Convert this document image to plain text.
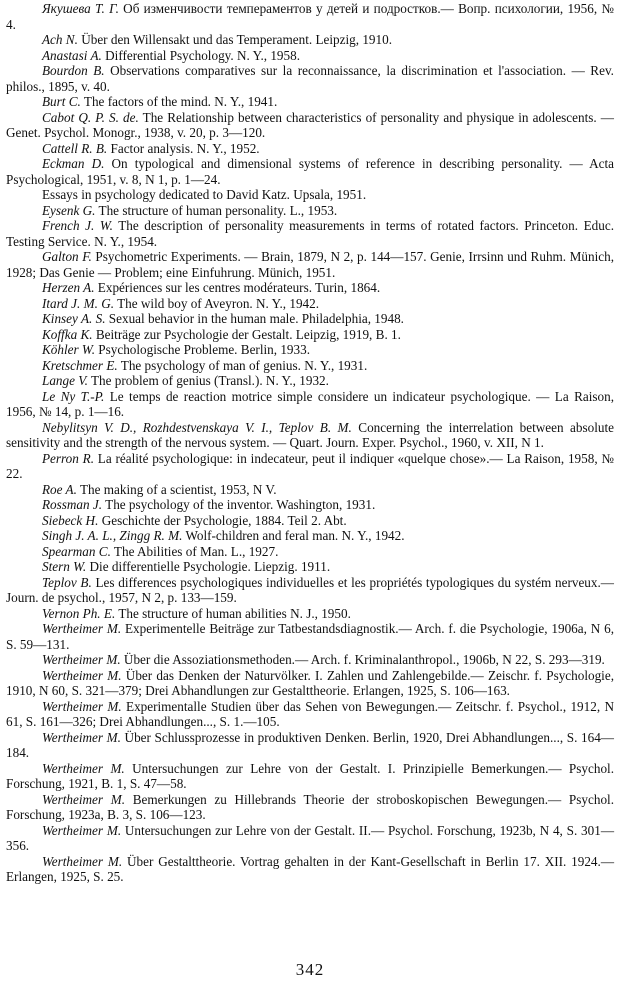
Якушева Т. Г. Об изменчивости темпераментов у детей и подростков.— Вопр. психологии, 1956, № 4.

Ach N. Über den Willensakt und das Temperament. Leipzig, 1910.

Anastasi A. Differential Psychology. N. Y., 1958.

Bourdon B. Observations comparatives sur la reconnaissance, la discrimination et l'association. — Rev. philos., 1895, v. 40.

Burt C. The factors of the mind. N. Y., 1941.

Cabot Q. P. S. de. The Relationship between characteristics of personality and physique in adolescents. — Genet. Psychol. Monogr., 1938, v. 20, p. 3—120.

Cattell R. B. Factor analysis. N. Y., 1952.

Eckman D. On typological and dimensional systems of reference in describing personality. — Acta Psychological, 1951, v. 8, N 1, p. 1—24.

Essays in psychology dedicated to David Katz. Upsala, 1951.

Eysenk G. The structure of human personality. L., 1953.

French J. W. The description of personality measurements in terms of rotated factors. Princeton. Educ. Testing Service. N. Y., 1954.

Galton F. Psychometric Experiments. — Brain, 1879, N 2, p. 144—157. Genie, Irrsinn und Ruhm. Münich, 1928; Das Genie — Problem; eine Einfuhrung. Münich, 1951.

Herzen A. Expériences sur les centres modérateurs. Turin, 1864.

Itard J. M. G. The wild boy of Aveyron. N. Y., 1942.

Kinsey A. S. Sexual behavior in the human male. Philadelphia, 1948.

Koffka K. Beiträge zur Psychologie der Gestalt. Leipzig, 1919, B. 1.

Köhler W. Psychologische Probleme. Berlin, 1933.

Kretschmer E. The psychology of man of genius. N. Y., 1931.

Lange V. The problem of genius (Transl.). N. Y., 1932.

Le Ny T.-P. Le temps de reaction motrice simple considere un indicateur psychologique. — La Raison, 1956, № 14, p. 1—16.

Nebylitsyn V. D., Rozhdestvenskaya V. I., Teplov B. M. Concerning the interrelation between absolute sensitivity and the strength of the nervous system. — Quart. Journ. Exper. Psychol., 1960, v. XII, N 1.

Perron R. La réalité psychologique: in indecateur, peut il indiquer «quelque chose».— La Raison, 1958, № 22.

Roe A. The making of a scientist, 1953, N V.

Rossman J. The psychology of the inventor. Washington, 1931.

Siebeck H. Geschichte der Psychologie, 1884. Teil 2. Abt.

Singh J. A. L., Zingg R. M. Wolf-children and feral man. N. Y., 1942.

Spearman C. The Abilities of Man. L., 1927.

Stern W. Die differentielle Psychologie. Liepzig. 1911.

Teplov B. Les differences psychologiques individuelles et les propriétés typologiques du systém nerveux.— Journ. de psychol., 1957, N 2, p. 133—159.

Vernon Ph. E. The structure of human abilities N. J., 1950.

Wertheimer M. Experimentelle Beiträge zur Tatbestandsdiagnostik.— Arch. f. die Psychologie, 1906a, N 6, S. 59—131.

Wertheimer M. Über die Assoziationsmethoden.— Arch. f. Kriminalanthropol., 1906b, N 22, S. 293—319.

Wertheimer M. Über das Denken der Naturvölker. I. Zahlen und Zahlengebilde.— Zeischr. f. Psychologie, 1910, N 60, S. 321—379; Drei Abhandlungen zur Gestalttheorie. Erlangen, 1925, S. 106—163.

Wertheimer M. Experimentalle Studien über das Sehen von Bewegungen.— Zeitschr. f. Psychol., 1912, N 61, S. 161—326; Drei Abhandlungen..., S. 1.—105.

Wertheimer M. Über Schlussprozesse in produktiven Denken. Berlin, 1920, Drei Abhandlungen..., S. 164—184.

Wertheimer M. Untersuchungen zur Lehre von der Gestalt. I. Prinzipielle Bemerkungen.— Psychol. Forschung, 1921, B. 1, S. 47—58.

Wertheimer M. Bemerkungen zu Hillebrands Theorie der stroboskopischen Bewegungen.— Psychol. Forschung, 1923a, B. 3, S. 106—123.

Wertheimer M. Untersuchungen zur Lehre von der Gestalt. II.— Psychol. Forschung, 1923b, N 4, S. 301—356.

Wertheimer M. Über Gestalttheorie. Vortrag gehalten in der Kant-Gesellschaft in Berlin 17. XII. 1924.— Erlangen, 1925, S. 25.

342
